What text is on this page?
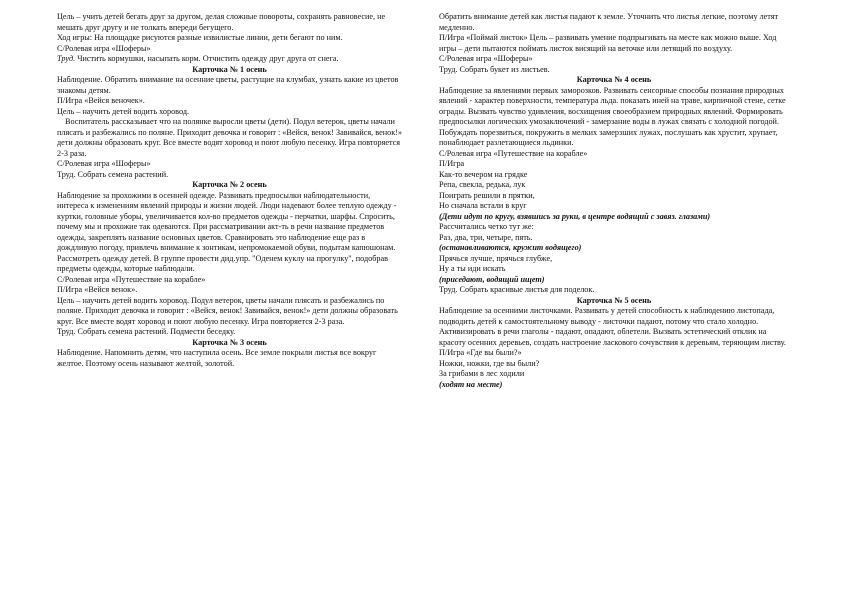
Цель – учить детей бегать друг за другом, делая сложные повороты, сохранять равновесие, не мешать друг другу и не толкать впереди бегущего.

Ход игры: На площадке рисуются разные извилистые линии, дети бегают по ним.

С/Ролевая игра «Шоферы»

Труд. Чистить кормушки, насыпать корм. Отчистить одежду друг друга от снега.

Карточка № 1 осень

Наблюдение. Обратить внимание на осенние цветы, растущие на клумбах, узнать какие из цветов знакомы детям.

П/Игра «Вейся веночек».

Цель – научить детей водить хоровод.

Воспитатель рассказывает что на полянке выросли цветы (дети). Подул ветерок, цветы начали плясать и разбежались по поляне. Приходит девочка и говорит : «Вейся, венок! Завивайся, венок!» дети должны образовать круг. Все вместе водят хоровод и поют любую песенку. Игра повторяется 2-3 раза.

С/Ролевая игра «Шоферы»

Труд. Собрать семена растений.

Карточка № 2 осень

Наблюдение за прохожими в осенней одежде. Развивать предпосылки наблюдательности, интереса к изменениям явлений природы и жизни людей. Люди надевают более теплую одежду - куртки, головные уборы, увеличивается кол-во предметов одежды - перчатки, шарфы. Спросить, почему мы и прохожие так одеваются. При рассматривании акт-ть в речи название предметов одежды, закреплять название основных цветов. Сравнировать это наблюдение еще раз в дождливую погоду, привлечь внимание к зонтикам, непромокаемой обуви, подытам капюшонам. Рассмотреть одежду детей. В группе провести дид.упр. "Оденем куклу на прогулку", подобрав предметы одежды, которые наблюдали.

С/Ролевая игра «Путешествие на корабле»

П/Игра «Вейся венок».

Цель – научить детей водить хоровод. Подул ветерок, цветы начали плясать и разбежались по поляне. Приходит девочка и говорит : «Вейся, венок! Завивайся, венок!» дети должны образовать круг. Все вместе водят хоровод и поют любую песенку. Игра повторяется 2-3 раза.

Труд. Собрать семена растений. Подмести беседку.

Карточка № 3 осень

Наблюдение. Напомнить детям, что наступила осень. Все земле покрыли листья все вокруг желтое. Поэтому осень называют желтой, золотой.

Обратить внимание детей как листья падают к земле. Уточнить что листья легкие, поэтому летят медленно.

П/Игра «Поймай листок» Цель – развивать умение подпрыгивать на месте как можно выше. Ход игры – дети пытаются поймать листок висящий на веточке или летящий по воздуху.

С/Ролевая игра «Шоферы»

Труд. Собрать букет из листьев.

Карточка № 4 осень

Наблюдение за явлениями первых заморозков. Развивать сенсорные способы познания природных явлений - характер поверхности, температура льда. показать иней на траве, кирпичной стене, сетке ограды. Вызвать чувство удивления, восхищения своеобразием природных явлений. Формировать предпосылки логических умозаключений - замерзание воды в лужах связать с холодной погодой. Побуждать порезвиться, покружить в мелких замерзших лужах, послушать как хрустит, хрупает, понаблюдает разлетающиеся льдинки.

С/Ролевая игра «Путешествие на корабле»

П/Игра

Как-то вечером на грядке

Репа, свекла, редька, лук

Поиграть решили в прятки,

Но сначала встали в круг

(Дети идут по кругу, взявшись за руки, в центре водящий с завяз. глазами)

Рассчитались четко тут же:

Раз, два, три, четыре, пять.

(останавливаются, кружит водящего)

Прячься лучше, прячься глубже,

Ну а ты иди искать

(приседают, водящий ищет)

Труд. Собрать красивые листья для поделок.

Карточка № 5 осень

Наблюдение за осенними листочками. Развивать у детей способность к наблюдению листопада, подводить детей к самостоятельному выводу - листочки падают, потому что стало холодно. Активизировать в речи глаголы - падают, опадают, облетели. Вызвать эстетический отклик на красоту осенних деревьев, создать настроение ласкового сочувствия к деревьям, теряющим листву.

П/Игра «Где вы были?»

Ножки, ножки, где вы были?

За грибами в лес ходили

(ходят на месте)
